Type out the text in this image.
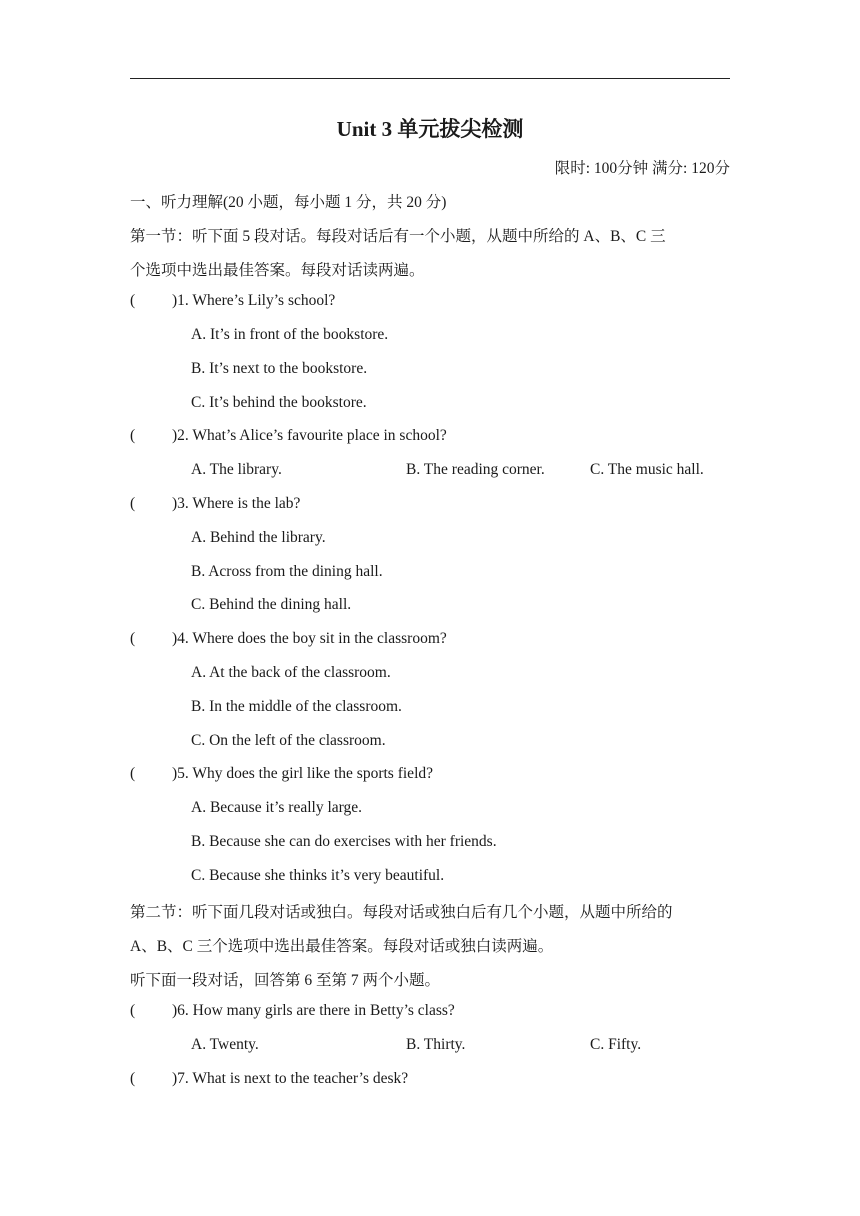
Unit 3 单元拔尖检测
限时: 100分钟 满分: 120分
一、听力理解(20 小题，每小题 1 分，共 20 分)
第一节：听下面 5 段对话。每段对话后有一个小题，从题中所给的 A、B、C 三
个选项中选出最佳答案。每段对话读两遍。
( )1. Where’s Lily’s school?
A. It’s in front of the bookstore.
B. It’s next to the bookstore.
C. It’s behind the bookstore.
( )2. What’s Alice’s favourite place in school?
A. The library.	B. The reading corner.	C. The music hall.
( )3. Where is the lab?
A. Behind the library.
B. Across from the dining hall.
C. Behind the dining hall.
( )4. Where does the boy sit in the classroom?
A. At the back of the classroom.
B. In the middle of the classroom.
C. On the left of the classroom.
( )5. Why does the girl like the sports field?
A. Because it’s really large.
B. Because she can do exercises with her friends.
C. Because she thinks it’s very beautiful.
第二节：听下面几段对话或独白。每段对话或独白后有几个小题，从题中所给的
A、B、C 三个选项中选出最佳答案。每段对话或独白读两遍。
听下面一段对话，回答第 6 至第 7 两个小题。
( )6. How many girls are there in Betty’s class?
A. Twenty.	B. Thirty.	C. Fifty.
( )7. What is next to the teacher’s desk?
